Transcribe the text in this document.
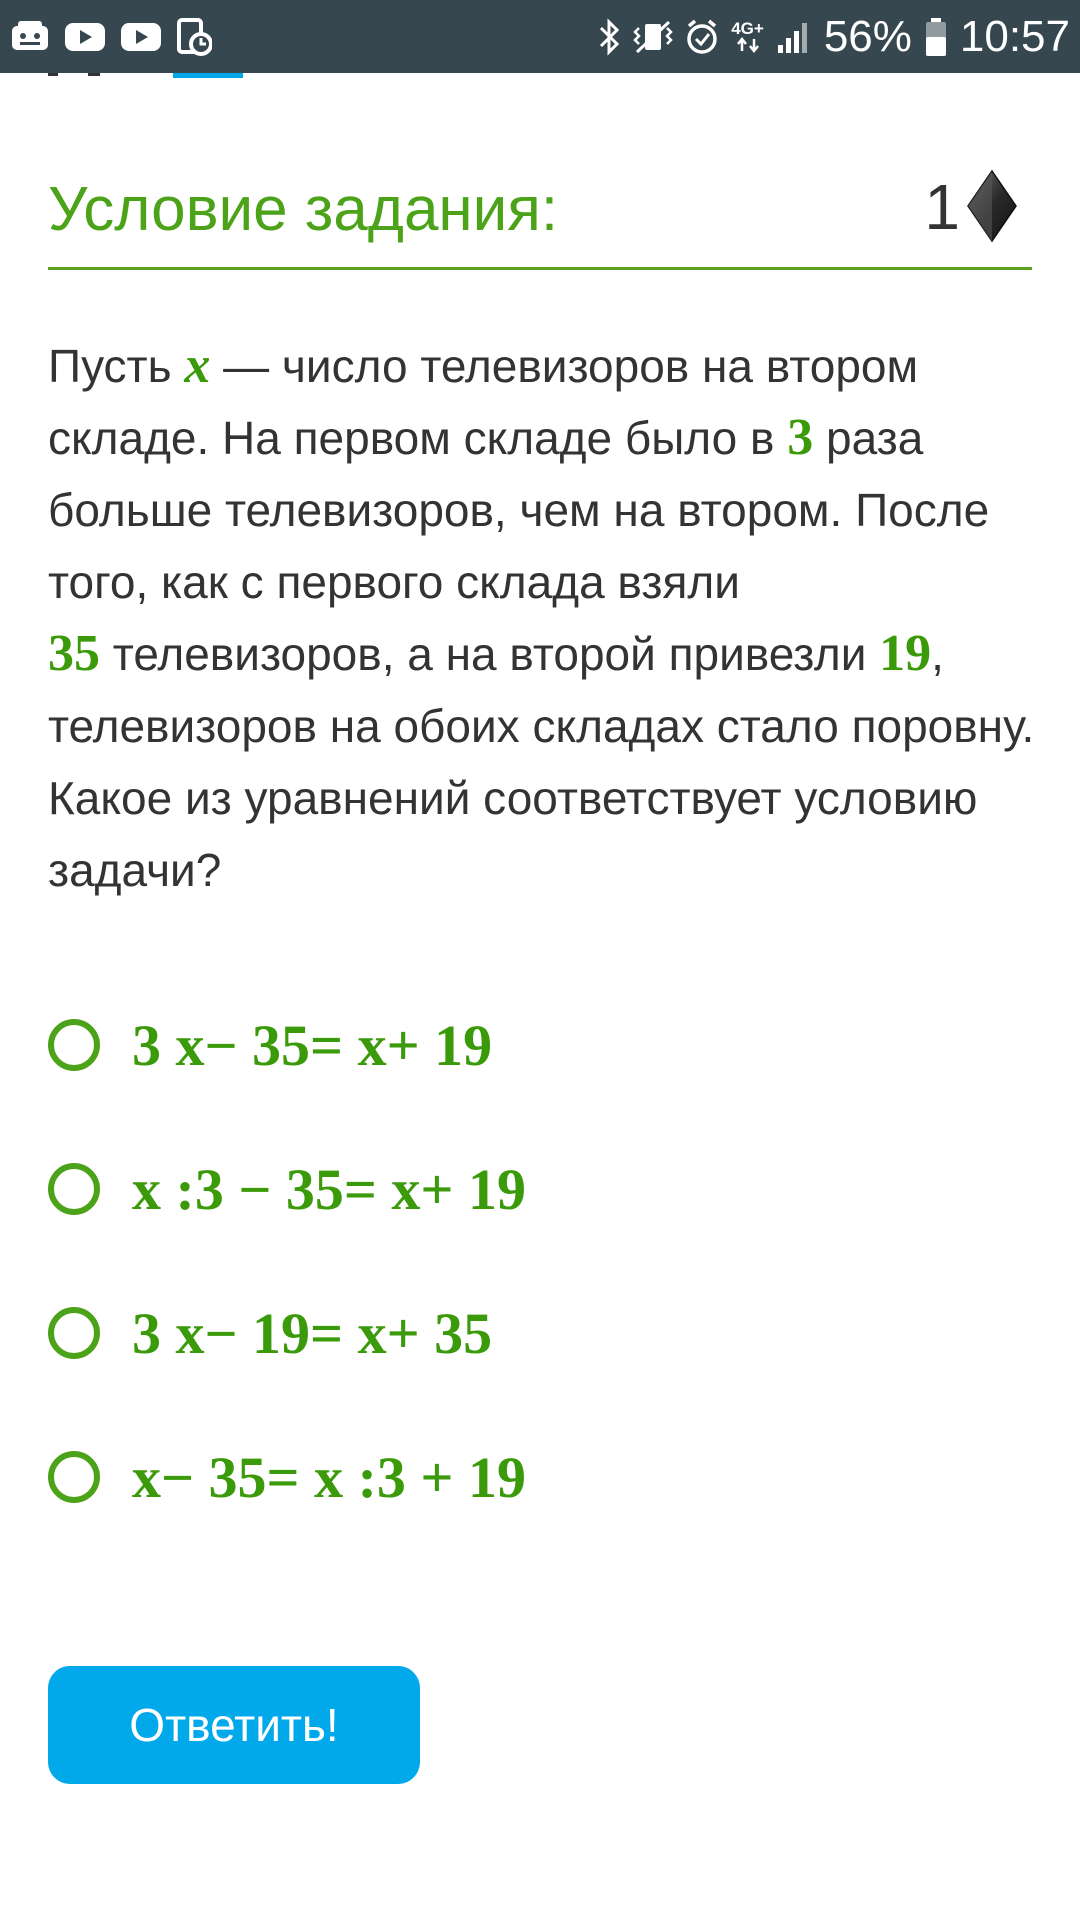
4G+ 56% 10:57
Условие задания:	1
Пусть x — число телевизоров на втором складе. На первом складе было в 3 раза больше телевизоров, чем на втором. После того, как с первого склада взяли
35 телевизоров, а на второй привезли 19, телевизоров на обоих складах стало поровну. Какое из уравнений соответствует условию задачи?
3 x− 35= x+ 19
x :3 − 35= x+ 19
3 x− 19= x+ 35
x− 35= x :3 + 19
Ответить!
